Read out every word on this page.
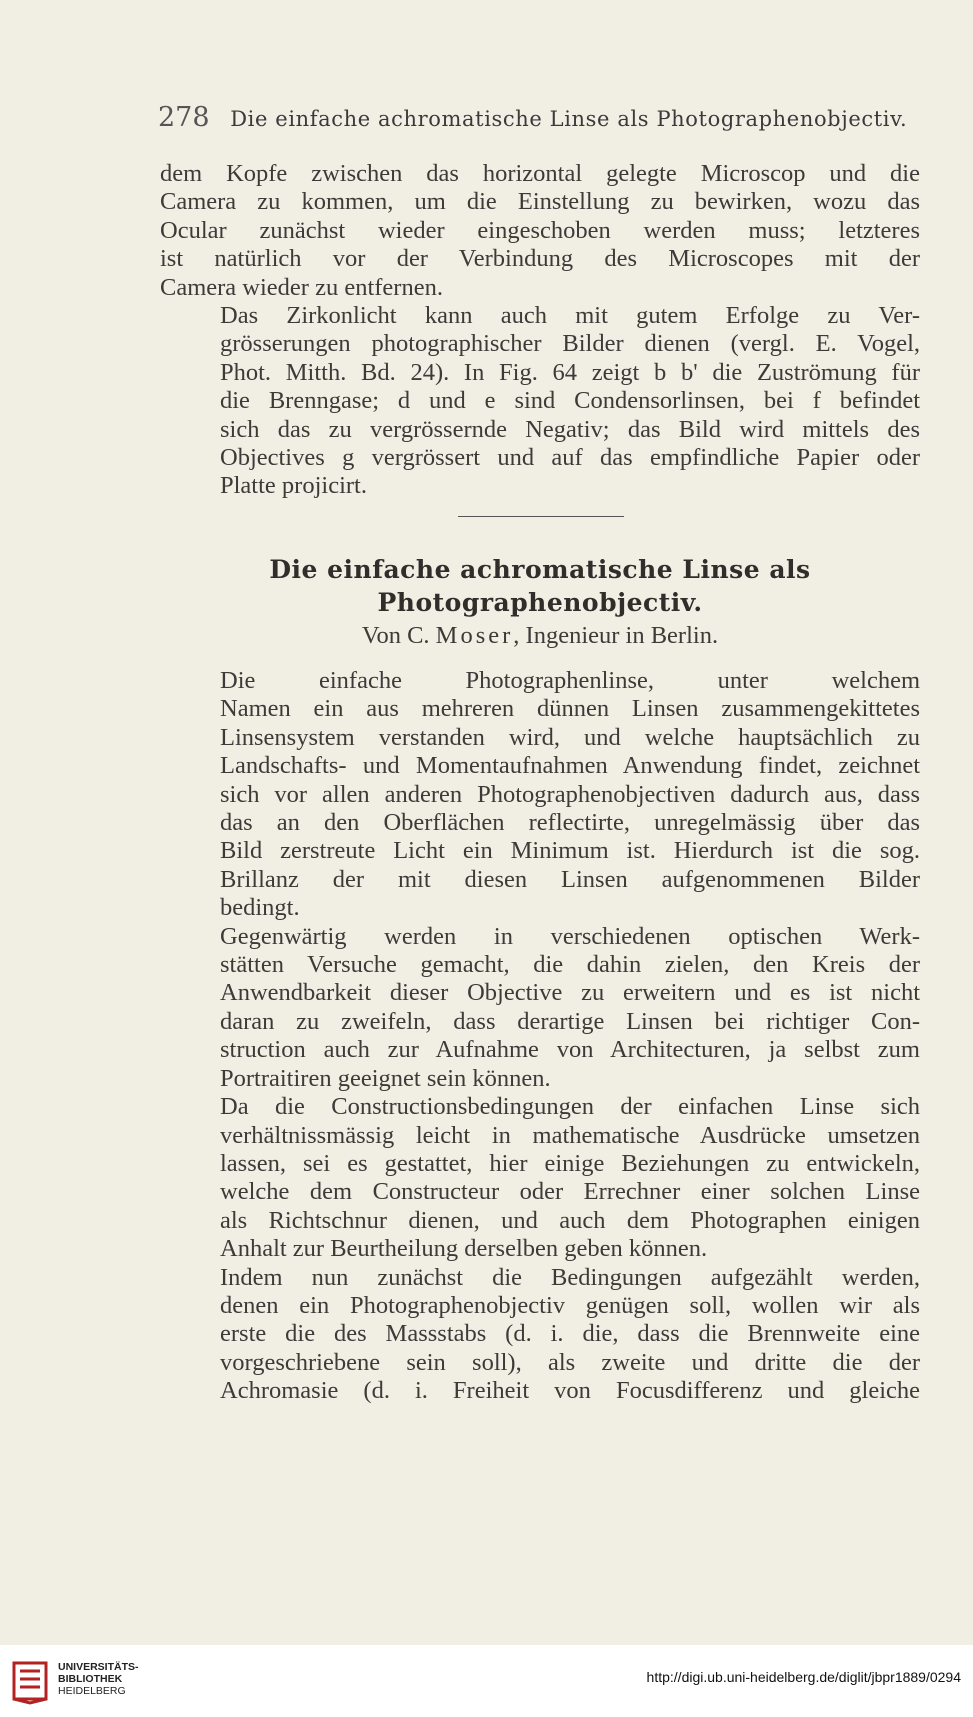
278 Die einfache achromatische Linse als Photographenobjectiv.

dem Kopfe zwischen das horizontal gelegte Microscop und die
Camera zu kommen, um die Einstellung zu bewirken, wozu das
Ocular zunächst wieder eingeschoben werden muss; letzteres
ist natürlich vor der Verbindung des Microscopes mit der
Camera wieder zu entfernen.

Das Zirkonlicht kann auch mit gutem Erfolge zu Ver-
grösserungen photographischer Bilder dienen (vergl. E. Vogel,
Phot. Mitth. Bd. 24). In Fig. 64 zeigt b b' die Zuströmung für
die Brenngase; d und e sind Condensorlinsen, bei f befindet
sich das zu vergrössernde Negativ; das Bild wird mittels des
Objectives g vergrössert und auf das empfindliche Papier oder
Platte projicirt.

Die einfache achromatische Linse als
Photographenobjectiv.
Von C. Moser, Ingenieur in Berlin.

Die einfache Photographenlinse, unter welchem
Namen ein aus mehreren dünnen Linsen zusammengekittetes
Linsensystem verstanden wird, und welche hauptsächlich zu
Landschafts- und Momentaufnahmen Anwendung findet, zeichnet
sich vor allen anderen Photographenobjectiven dadurch aus, dass
das an den Oberflächen reflectirte, unregelmässig über das
Bild zerstreute Licht ein Minimum ist. Hierdurch ist die sog.
Brillanz der mit diesen Linsen aufgenommenen Bilder
bedingt.

Gegenwärtig werden in verschiedenen optischen Werk-
stätten Versuche gemacht, die dahin zielen, den Kreis der
Anwendbarkeit dieser Objective zu erweitern und es ist nicht
daran zu zweifeln, dass derartige Linsen bei richtiger Con-
struction auch zur Aufnahme von Architecturen, ja selbst zum
Portraitiren geeignet sein können.

Da die Constructionsbedingungen der einfachen Linse sich
verhältnissmässig leicht in mathematische Ausdrücke umsetzen
lassen, sei es gestattet, hier einige Beziehungen zu entwickeln,
welche dem Constructeur oder Errechner einer solchen Linse
als Richtschnur dienen, und auch dem Photographen einigen
Anhalt zur Beurtheilung derselben geben können.

Indem nun zunächst die Bedingungen aufgezählt werden,
denen ein Photographenobjectiv genügen soll, wollen wir als
erste die des Massstabs (d. i. die, dass die Brennweite eine
vorgeschriebene sein soll), als zweite und dritte die der
Achromasie (d. i. Freiheit von Focusdifferenz und gleiche

UNIVERSITÄTS-
BIBLIOTHEK
HEIDELBERG
http://digi.ub.uni-heidelberg.de/diglit/jbpr1889/0294
